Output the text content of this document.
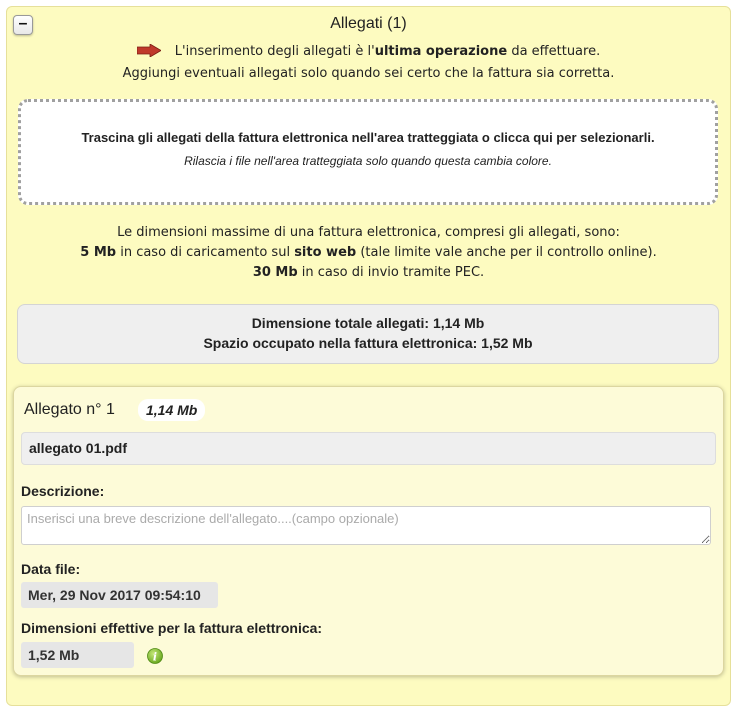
–	Allegati (1)
L'inserimento degli allegati è l'ultima operazione da effettuare.
Aggiungi eventuali allegati solo quando sei certo che la fattura sia corretta.
Trascina gli allegati della fattura elettronica nell'area tratteggiata o clicca qui per selezionarli.
Rilascia i file nell'area tratteggiata solo quando questa cambia colore.
Le dimensioni massime di una fattura elettronica, compresi gli allegati, sono:
5 Mb in caso di caricamento sul sito web (tale limite vale anche per il controllo online).
30 Mb in caso di invio tramite PEC.
Dimensione totale allegati: 1,14 Mb
Spazio occupato nella fattura elettronica: 1,52 Mb
Allegato n° 1	1,14 Mb
allegato 01.pdf
Descrizione:
Inserisci una breve descrizione dell'allegato....(campo opzionale)
Data file:
Mer, 29 Nov 2017 09:54:10
Dimensioni effettive per la fattura elettronica:
1,52 Mb	i
